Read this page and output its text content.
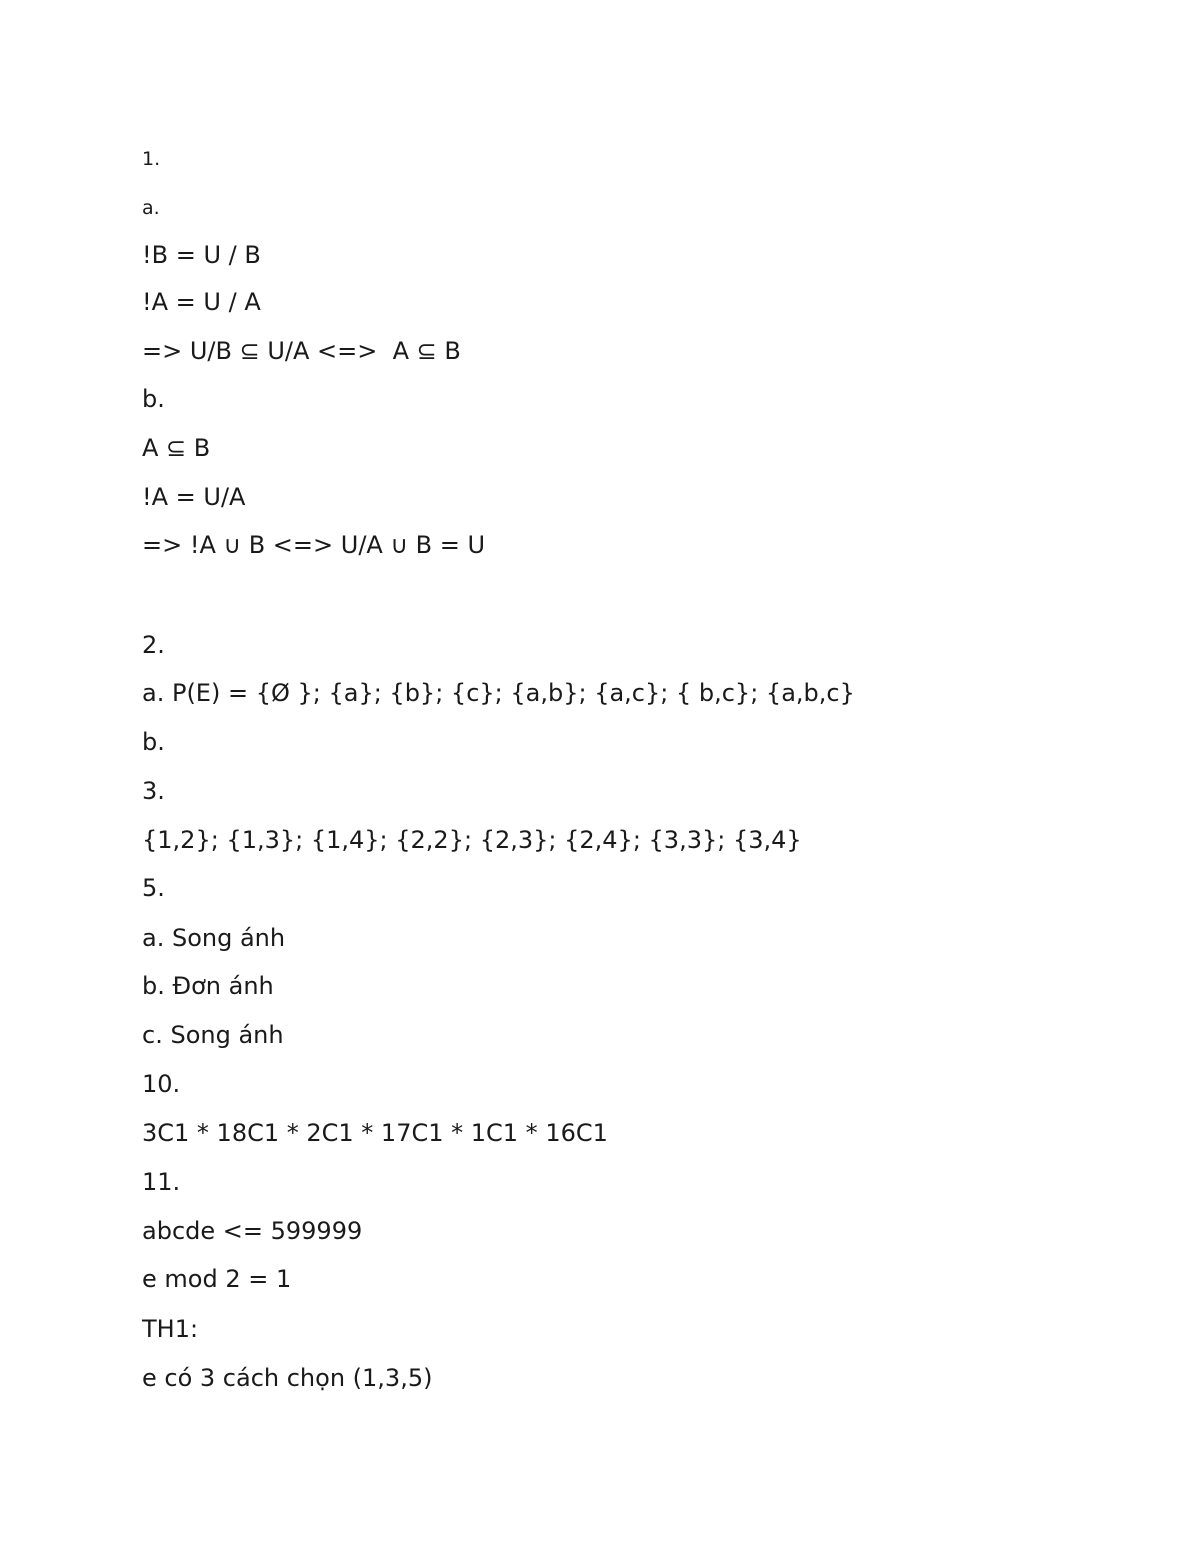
1.
a.
!B = U / B
!A = U / A
=> U/B ⊆ U/A <=>  A ⊆ B
b.
A ⊆ B
!A = U/A
=> !A ∪ B <=> U/A ∪ B = U
2.
a. P(E) = {Ø }; {a}; {b}; {c}; {a,b}; {a,c}; { b,c}; {a,b,c}
b.
3.
{1,2}; {1,3}; {1,4}; {2,2}; {2,3}; {2,4}; {3,3}; {3,4}
5.
a. Song ánh
b. Đơn ánh
c. Song ánh
10.
3C1 * 18C1 * 2C1 * 17C1 * 1C1 * 16C1
11.
abcde <= 599999
e mod 2 = 1
TH1:
e có 3 cách chọn (1,3,5)
